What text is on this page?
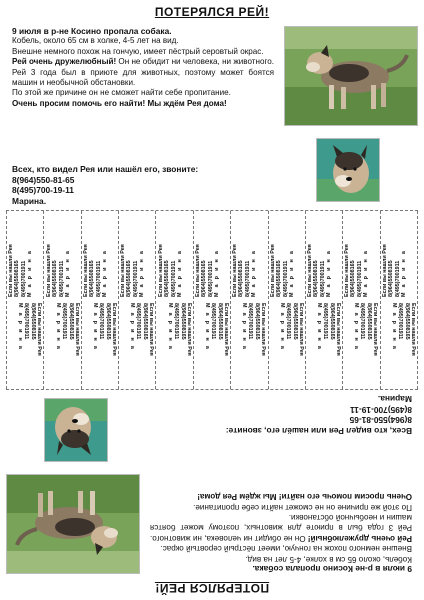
ПОТЕРЯЛСЯ РЕЙ!

9 июля в р-не Косино пропала собака.

Кобель, около 65 см в холке, 4-5 лет на вид.

Внешне немного похож на гончую, имеет пёстрый серовтый окрас.

Рей очень дружелюбный! Он не обидит ни человека, ни животного. Рей 3 года был в приюте для животных, поэтому может боятся машин и необычной обстановки.

По этой же причине он не сможет найти себе пропитание.

Очень просим помочь его найти! Мы ждём Рея дома!

Всех, кто видел Рея или нашёл его, звоните:
8(964)550-81-65
8(495)700-19-11
Марина.
Если вы нашли Рея 8(964)5508165 8(495)7001911 М а р и н а Если вы нашли Рея 8(964)5508165 8(495)7001911 М а р и н а Если вы нашли Рея 8(964)5508165 8(495)7001911 М а р и н а Если вы нашли Рея 8(964)5508165 8(495)7001911 М а р и н а Если вы нашли Рея 8(964)5508165 8(495)7001911 М а р и н а Если вы нашли Рея 8(964)5508165 8(495)7001911 М а р и н а Если вы нашли Рея 8(964)5508165 8(495)7001911 М а р и н а Если вы нашли Рея 8(964)5508165 8(495)7001911 М а р и н а Если вы нашли Рея 8(964)5508165 8(495)7001911 М а р и н а Если вы нашли Рея 8(964)5508165 8(495)7001911 М а р и н а Если вы нашли Рея 8(964)5508165 8(495)7001911 М а р и н а
ПОТЕРЯЛСЯ РЕЙ!

9 июля в р-не Косино пропала собака.

Кобель, около 65 см в холке, 4-5 лет на вид.

Внешне немного похож на гончую, имеет пёстрый серовтый окрас.

Рей очень дружелюбный! Он не обидит ни человека, ни животного. Рей 3 года был в приюте для животных, поэтому может боятся машин и необычной обстановки.

По этой же причине он не сможет найти себе пропитание.

Очень просим помочь его найти! Мы ждём Рея дома!

Всех, кто видел Рея или нашёл его, звоните:
8(964)550-81-65
8(495)700-19-11
Марина.
Если вы нашли Рея
8(964)5508165
8(495)7001911
М а р и н а
Если вы нашли Рея
8(964)5508165
8(495)7001911
М а р и н а
Если вы нашли Рея
8(964)5508165
8(495)7001911
М а р и н а
Если вы нашли Рея
8(964)5508165
8(495)7001911
М а р и н а
Если вы нашли Рея
8(964)5508165
8(495)7001911
М а р и н а
Если вы нашли Рея
8(964)5508165
8(495)7001911
М а р и н а
Если вы нашли Рея
8(964)5508165
8(495)7001911
М а р и н а
Если вы нашли Рея
8(964)5508165
8(495)7001911
М а р и н а
Если вы нашли Рея
8(964)5508165
8(495)7001911
М а р и н а
Если вы нашли Рея
8(964)5508165
8(495)7001911
М а р и н а
Если вы нашли Рея
8(964)5508165
8(495)7001911
М а р и н а
